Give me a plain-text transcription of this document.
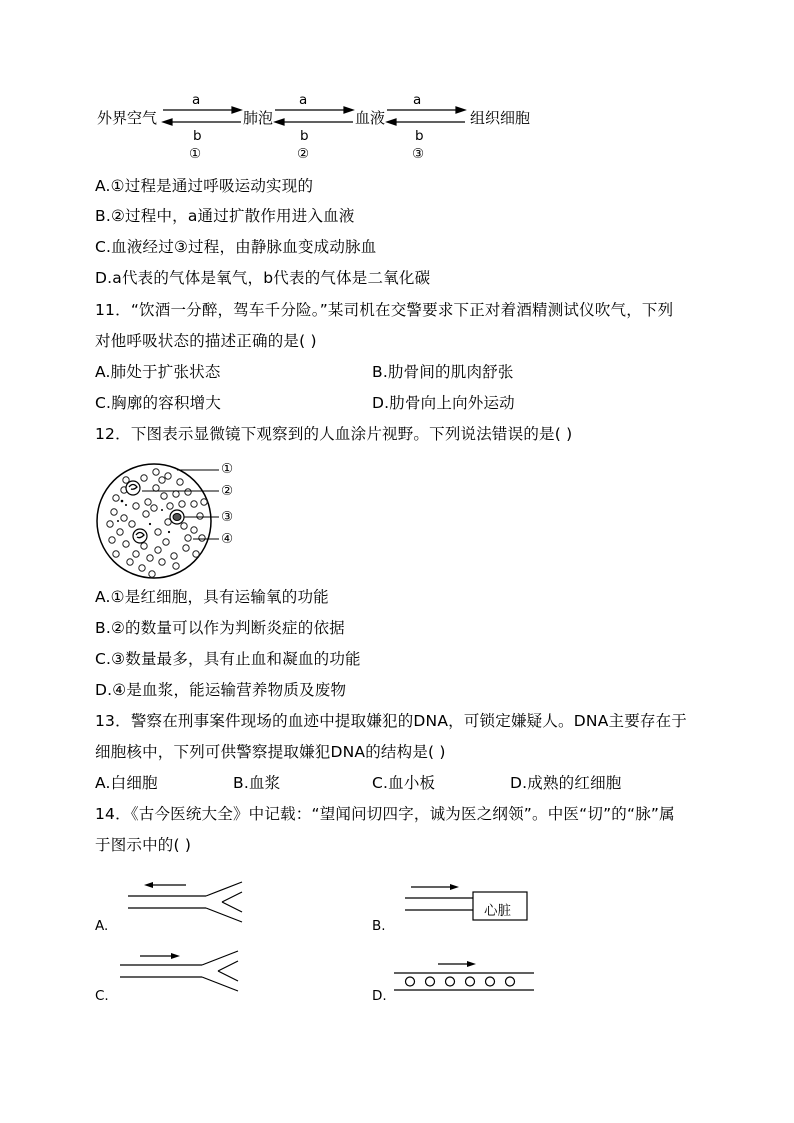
外界空气	肺泡	血液	组织细胞
a	a	a
b	b	b
①	②	③
A.①过程是通过呼吸运动实现的
B.②过程中，a通过扩散作用进入血液
C.血液经过③过程，由静脉血变成动脉血
D.a代表的气体是氧气，b代表的气体是二氧化碳
11．“饮酒一分醉，驾车千分险。”某司机在交警要求下正对着酒精测试仪吹气，下列
对他呼吸状态的描述正确的是( )
A.肺处于扩张状态	B.肋骨间的肌肉舒张
C.胸廓的容积增大	D.肋骨向上向外运动
12．下图表示显微镜下观察到的人血涂片视野。下列说法错误的是( )
①
②
③
④
A.①是红细胞，具有运输氧的功能
B.②的数量可以作为判断炎症的依据
C.③数量最多，具有止血和凝血的功能
D.④是血浆，能运输营养物质及废物
13．警察在刑事案件现场的血迹中提取嫌犯的DNA，可锁定嫌疑人。DNA主要存在于
细胞核中，下列可供警察提取嫌犯DNA的结构是( )
A.白细胞	B.血浆	C.血小板	D.成熟的红细胞
14．《古今医统大全》中记载：“望闻问切四字，诚为医之纲领”。中医“切”的“脉”属
于图示中的( )
A.	B.
心脏
C.	D.
